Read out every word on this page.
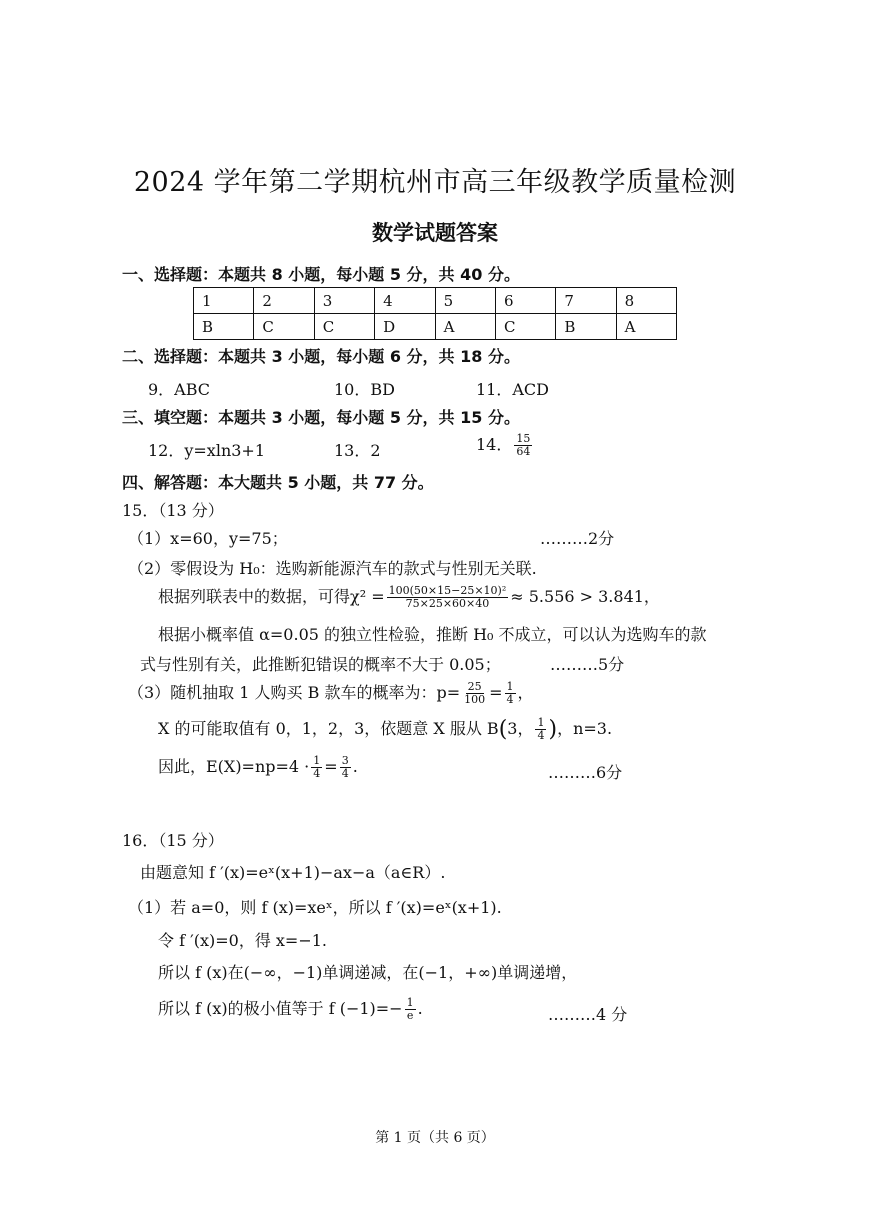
2024 学年第二学期杭州市高三年级教学质量检测
数学试题答案
一、选择题：本题共 8 小题，每小题 5 分，共 40 分。
1	2	3	4	5	6	7	8
B	C	C	D	A	C	B	A
二、选择题：本题共 3 小题，每小题 6 分，共 18 分。
9．ABC	10．BD	11．ACD
三、填空题：本题共 3 小题，每小题 5 分，共 15 分。
12．y=xln3+1	13．2	14． $\frac{15}{64}$
四、解答题：本大题共 5 小题，共 77 分。
15．（13 分）
（1）x=60，y=75；	………2分
（2）零假设为 H₀：选购新能源汽车的款式与性别无关联.
根据列联表中的数据，可得$\chi^2 = \frac{\text{100(50×15−25×10)²}}{75\times 25\times 60\times 40} \approx 5.556 > 3.841$，
根据小概率值 α=0.05 的独立性检验，推断 H₀ 不成立，可以认为选购车的款
式与性别有关，此推断犯错误的概率不大于 0.05；	………5分
（3）随机抽取 1 人购买 B 款车的概率为：$p= \frac{25}{100} = \frac{1}{4}$ ，
X 的可能取值有 0，1，2，3，依题意 X 服从 B(3， $\frac{1}{4}$ )，n=3.
因此，$E(X)=np=4 \cdot \frac{1}{4} = \frac{3}{4}$ .	………6分
16．（15 分）
由题意知 f ′(x)=eˣ(x+1)−ax−a（a∈R）.
（1）若 a=0，则 f (x)=xeˣ，所以 f ′(x)=eˣ(x+1).
令 f ′(x)=0，得 x=−1.
所以 f (x)在(−∞，−1)单调递减，在(−1，+∞)单调递增，
所以 f (x)的极小值等于 f $(-1)=- \frac{1}{e}$ .	………4 分
第 1 页（共 6 页）
